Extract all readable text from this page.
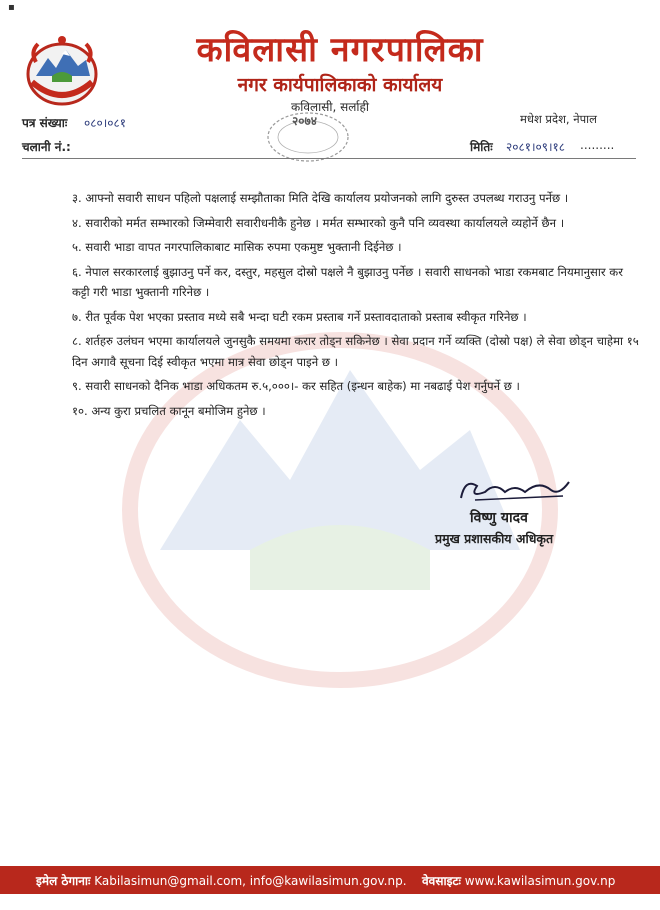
▪
कविलासी नगरपालिका
नगर कार्यपालिकाको कार्यालय
कविलासी, सर्लाही
२०७४
पत्र संख्याः ०८०।०८१
चलानी नं.:
मधेश प्रदेश, नेपाल
मितिः २०८१।०९।१८ .........
३. आफ्नो सवारी साधन पहिलो पक्षलाई सम्झौताका मिति देखि कार्यालय प्रयोजनको लागि दुरुस्त उपलब्ध गराउनु पर्नेछ ।
४. सवारीको मर्मत सम्भारको जिम्मेवारी सवारीधनीकै हुनेछ । मर्मत सम्भारको कुनै पनि व्यवस्था कार्यालयले व्यहोर्ने छैन ।
५. सवारी भाडा वापत नगरपालिकाबाट मासिक रुपमा एकमुष्ट भुक्तानी दिईनेछ ।
६. नेपाल सरकारलाई बुझाउनु पर्ने कर, दस्तुर, महसुल दोस्रो पक्षले नै बुझाउनु पर्नेछ । सवारी साधनको भाडा रकमबाट नियमानुसार कर कट्टी गरी भाडा भुक्तानी गरिनेछ ।
७. रीत पूर्वक पेश भएका प्रस्ताव मध्ये सबै भन्दा घटी रकम प्रस्ताब गर्ने प्रस्तावदाताको प्रस्ताब स्वीकृत गरिनेछ ।
८. शर्तहरु उलंघन भएमा कार्यालयले जुनसुकै समयमा करार तोड्न सकिनेछ । सेवा प्रदान गर्ने व्यक्ति (दोस्रो पक्ष) ले सेवा छोड्न चाहेमा १५ दिन अगावै सूचना दिई स्वीकृत भएमा मात्र सेवा छोड्न पाइने छ ।
९. सवारी साधनको दैनिक भाडा अधिकतम रु.५,०००।- कर सहित (इन्धन बाहेक) मा नबढाई पेश गर्नुपर्ने छ ।
१०. अन्य कुरा प्रचलित कानून बमोजिम हुनेछ ।
विष्णु यादव
प्रमुख प्रशासकीय अधिकृत
इमेल ठेगानाः Kabilasimun@gmail.com, info@kawilasimun.gov.np. वेवसाइटः www.kawilasimun.gov.np
